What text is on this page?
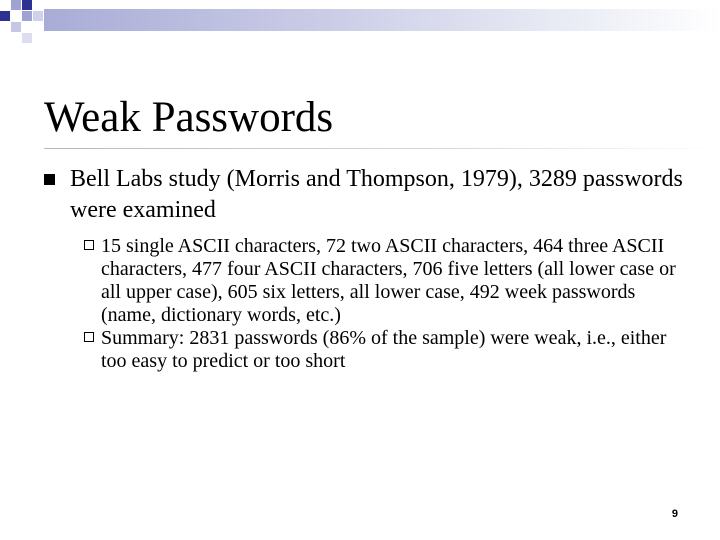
Weak Passwords
Bell Labs study (Morris and Thompson, 1979), 3289 passwords were examined
15 single ASCII characters, 72 two ASCII characters, 464 three ASCII characters, 477 four ASCII characters, 706 five letters (all lower case or all upper case), 605 six letters, all lower case, 492 week passwords (name, dictionary words, etc.)
Summary: 2831 passwords (86% of the sample) were weak, i.e., either too easy to predict or too short
9
